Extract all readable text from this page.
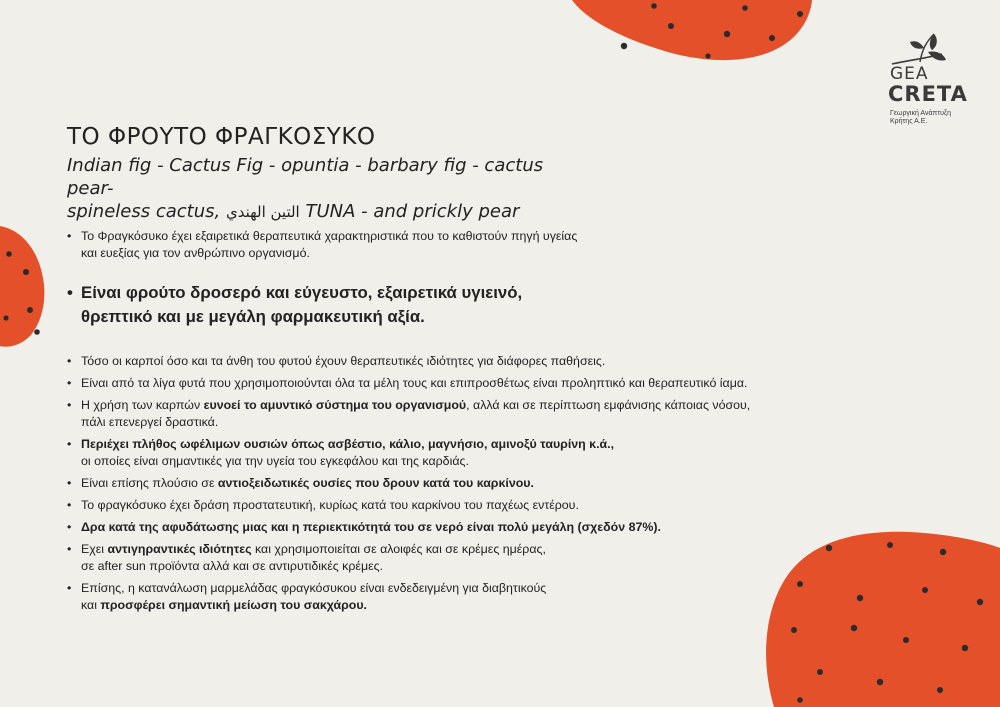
GEA
CRETA
Γεωργική Ανάπτυξη Κρήτης Α.Ε.
ΤΟ ΦΡΟΥΤΟ ΦΡΑΓΚΟΣΥΚΟ
Indian fig - Cactus Fig - opuntia - barbary fig - cactus pear-
spineless cactus, التين الهندي TUNA - and prickly pear
• Το Φραγκόσυκο έχει εξαιρετικά θεραπευτικά χαρακτηριστικά που το καθιστούν πηγή υγείας
και ευεξίας για τον ανθρώπινο οργανισμό.
• Είναι φρούτο δροσερό και εύγευστο, εξαιρετικά υγιεινό,
θρεπτικό και με μεγάλη φαρμακευτική αξία.
• Τόσο οι καρποί όσο και τα άνθη του φυτού έχουν θεραπευτικές ιδιότητες για διάφορες παθήσεις.
• Είναι από τα λίγα φυτά που χρησιμοποιούνται όλα τα μέλη τους και επιπροσθέτως είναι προληπτικό και θεραπευτικό ίαμα.
• Η χρήση των καρπών ευνοεί το αμυντικό σύστημα του οργανισμού, αλλά και σε περίπτωση εμφάνισης κάποιας νόσου,
πάλι επενεργεί δραστικά.
• Περιέχει πλήθος ωφέλιμων ουσιών όπως ασβέστιο, κάλιο, μαγνήσιο, αμινοξύ ταυρίνη κ.ά.,
οι οποίες είναι σημαντικές για την υγεία του εγκεφάλου και της καρδιάς.
• Είναι επίσης πλούσιο σε αντιοξειδωτικές ουσίες που δρουν κατά του καρκίνου.
• Το φραγκόσυκο έχει δράση προστατευτική, κυρίως κατά του καρκίνου του παχέως εντέρου.
• Δρα κατά της αφυδάτωσης μιας και η περιεκτικότητά του σε νερό είναι πολύ μεγάλη (σχεδόν 87%).
• Εχει αντιγηραντικές ιδιότητες και χρησιμοποιείται σε αλοιφές και σε κρέμες ημέρας,
σε after sun προϊόντα αλλά και σε αντιρυτιδικές κρέμες.
• Επίσης, η κατανάλωση μαρμελάδας φραγκόσυκου είναι ενδεδειγμένη για διαβητικούς
και προσφέρει σημαντική μείωση του σακχάρου.
